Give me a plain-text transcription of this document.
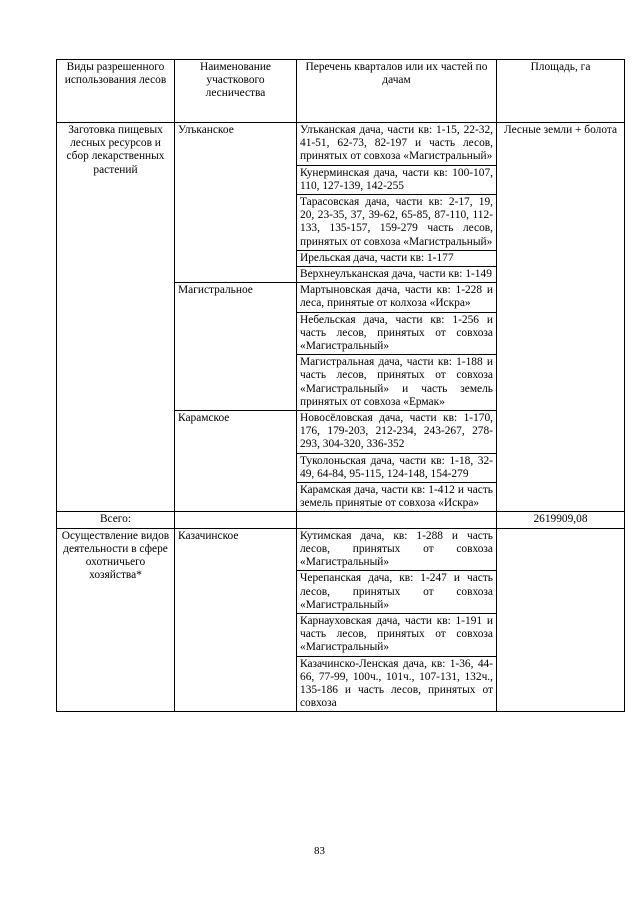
Виды разрешенного использования лесов	Наименование участкового лесничества	Перечень кварталов или их частей по дачам	Площадь, га
Заготовка пищевых лесных ресурсов и сбор лекарственных растений	Улъканское	Улъканская дача, части кв: 1-15, 22-32, 41-51, 62-73, 82-197 и часть лесов, принятых от совхоза «Магистральный»	Лесные земли + болота
		Кунерминская дача, части кв: 100-107, 110, 127-139, 142-255	
		Тарасовская дача, части кв: 2-17, 19, 20, 23-35, 37, 39-62, 65-85, 87-110, 112-133, 135-157, 159-279 часть лесов, принятых от совхоза «Магистральный»	
		Ирельская дача, части кв: 1-177	
		Верхнеулъканская дача, части кв: 1-149	
	Магистральное	Мартыновская дача, части кв: 1-228 и леса, принятые от колхоза «Искра»	
		Небельская дача, части кв: 1-256 и часть лесов, принятых от совхоза «Магистральный»	
		Магистральная дача, части кв: 1-188 и часть лесов, принятых от совхоза «Магистральный» и часть земель принятых от совхоза «Ермак»	
	Карамское	Новосёловская дача, части кв: 1-170, 176, 179-203, 212-234, 243-267, 278-293, 304-320, 336-352	
		Туколоньская дача, части кв: 1-18, 32-49, 64-84, 95-115, 124-148, 154-279	
		Карамская дача, части кв: 1-412 и часть земель принятые от совхоза «Искра»	
Всего:			2619909,08
Осуществление видов деятельности в сфере охотничьего хозяйства*	Казачинское	Кутимская дача, кв: 1-288 и часть лесов, принятых от совхоза «Магистральный»	
		Черепанская дача, кв: 1-247 и часть лесов, принятых от совхоза «Магистральный»	
		Карнауховская дача, части кв: 1-191 и часть лесов, принятых от совхоза «Магистральный»	
		Казачинско-Ленская дача, кв: 1-36, 44-66, 77-99, 100ч., 101ч., 107-131, 132ч., 135-186 и часть лесов, принятых от совхоза	
83
